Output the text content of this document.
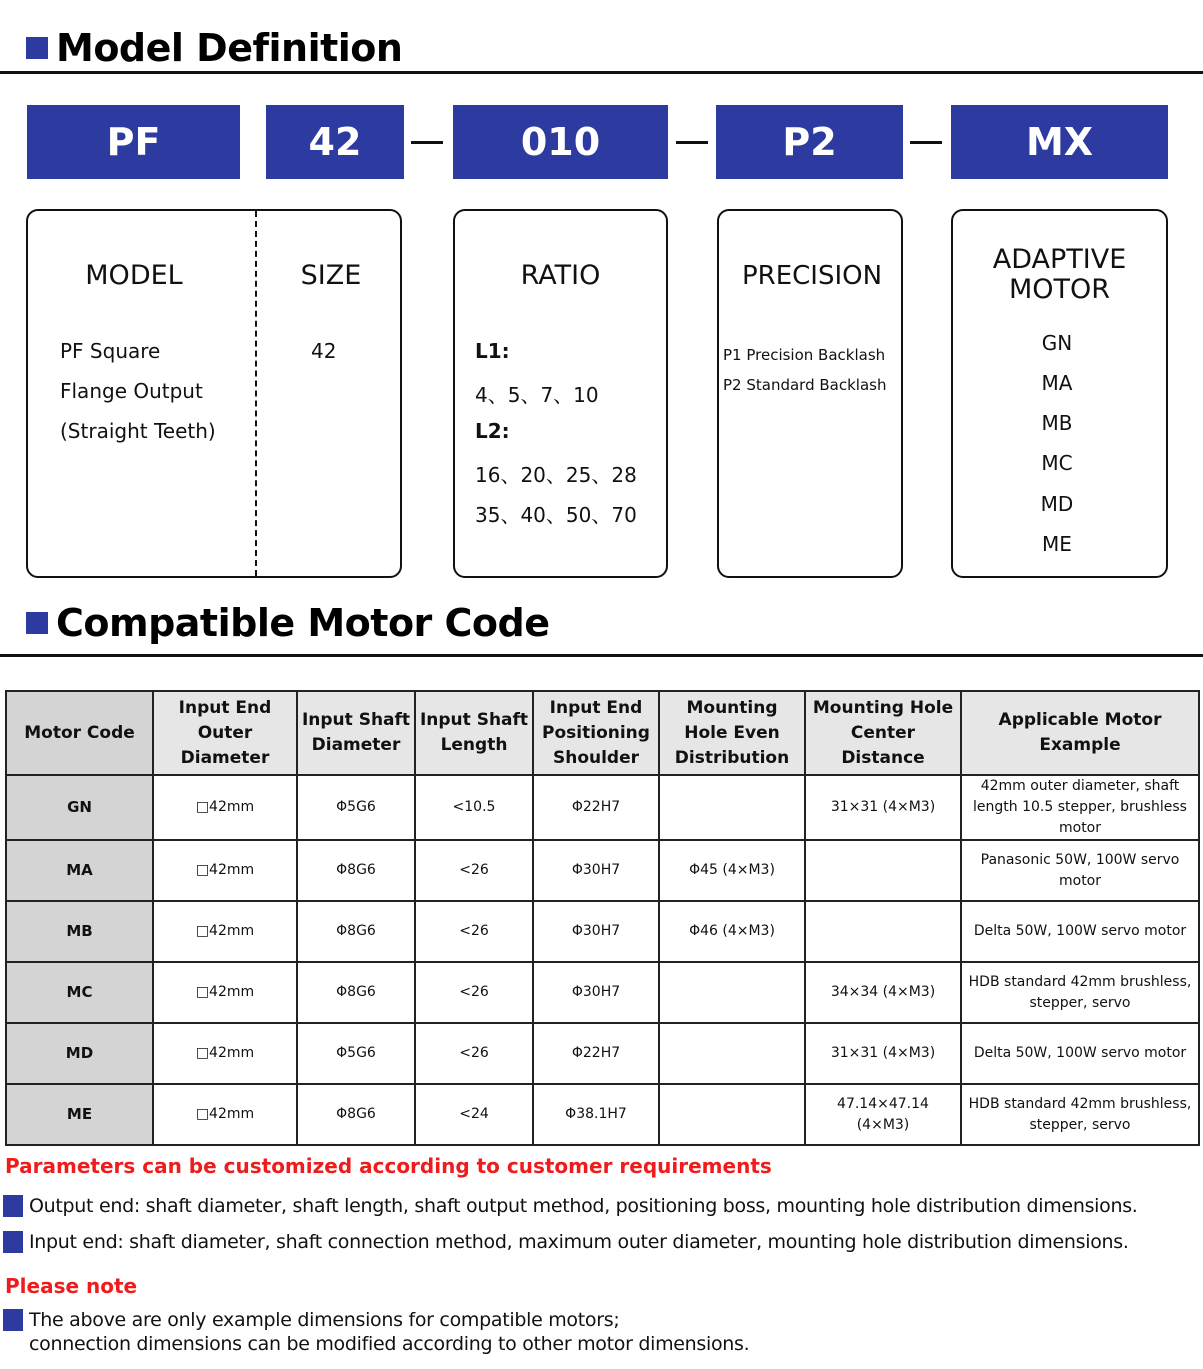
Model Definition
PF	42	010	P2	MX
MODEL
PF Square
Flange Output
(Straight Teeth)
SIZE
42
RATIO
L1:
4、5、7、10
L2:
16、20、25、28
35、40、50、70
PRECISION
P1 Precision Backlash
P2 Standard Backlash
ADAPTIVE
MOTOR
GN
MA
MB
MC
MD
ME
Compatible Motor Code
Motor Code	Input End Outer Diameter	Input Shaft Diameter	Input Shaft Length	Input End Positioning Shoulder	Mounting Hole Even Distribution	Mounting Hole Center Distance	Applicable Motor Example
GN	□42mm	Φ5G6	<10.5	Φ22H7		31×31 (4×M3)	42mm outer diameter, shaft length 10.5 stepper, brushless motor
MA	□42mm	Φ8G6	<26	Φ30H7	Φ45 (4×M3)		Panasonic 50W, 100W servo motor
MB	□42mm	Φ8G6	<26	Φ30H7	Φ46 (4×M3)		Delta 50W, 100W servo motor
MC	□42mm	Φ8G6	<26	Φ30H7		34×34 (4×M3)	HDB standard 42mm brushless, stepper, servo
MD	□42mm	Φ5G6	<26	Φ22H7		31×31 (4×M3)	Delta 50W, 100W servo motor
ME	□42mm	Φ8G6	<24	Φ38.1H7		47.14×47.14 (4×M3)	HDB standard 42mm brushless, stepper, servo
Parameters can be customized according to customer requirements
Output end: shaft diameter, shaft length, shaft output method, positioning boss, mounting hole distribution dimensions.
Input end: shaft diameter, shaft connection method, maximum outer diameter, mounting hole distribution dimensions.
Please note
The above are only example dimensions for compatible motors;
connection dimensions can be modified according to other motor dimensions.
